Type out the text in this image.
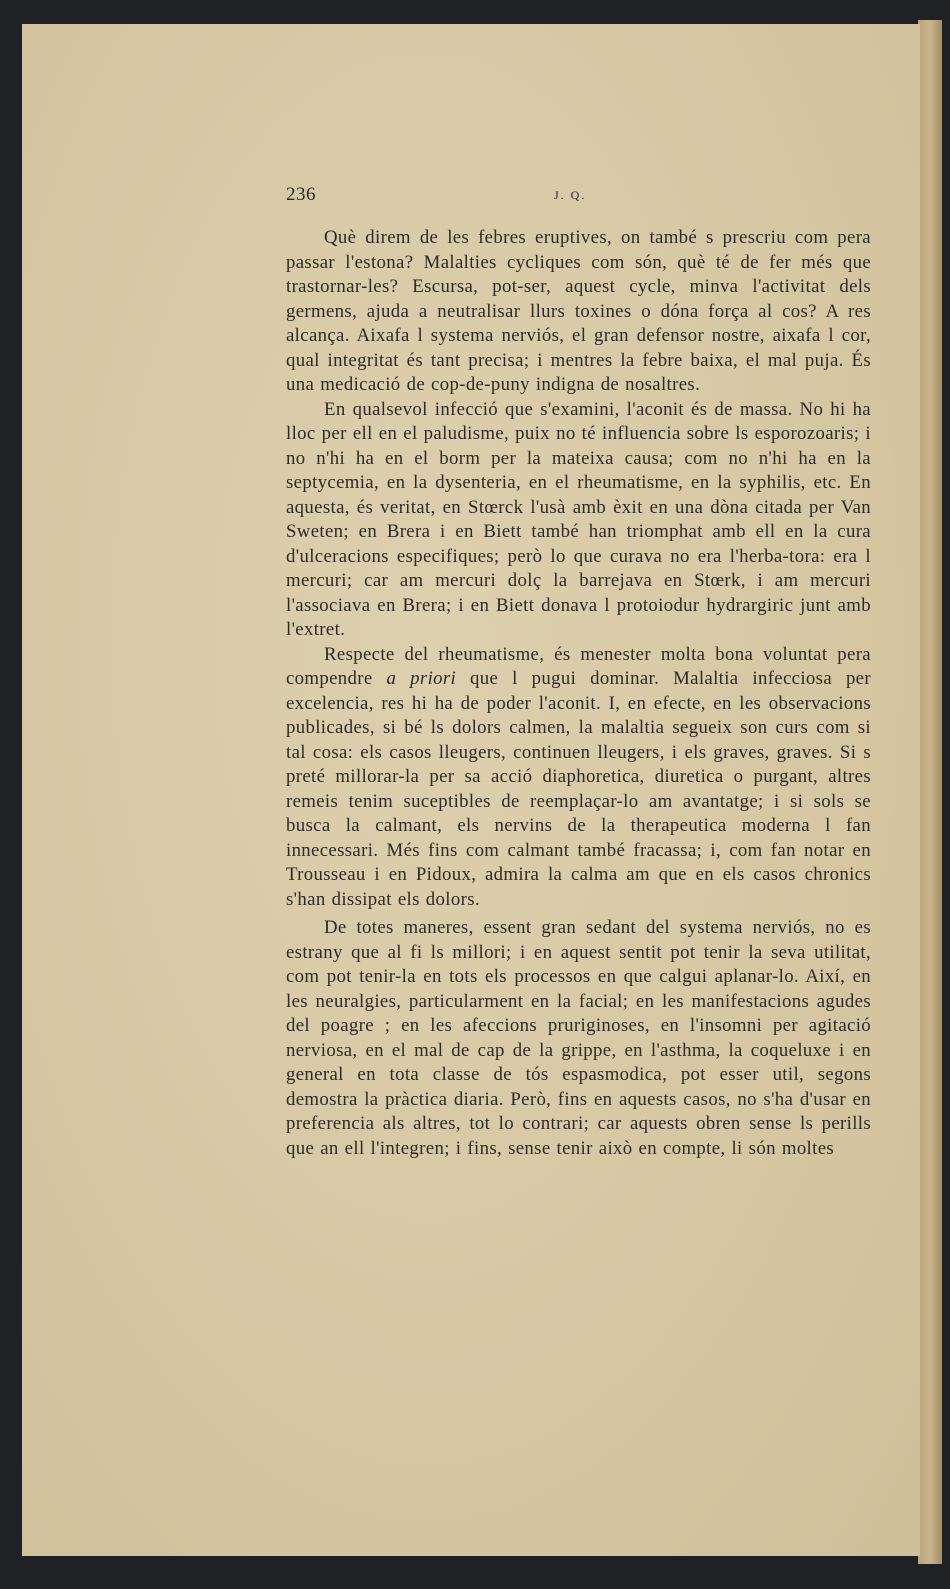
236	J. Q.

Què direm de les febres eruptives, on també s prescriu com pera passar l'estona? Malalties cycliques com són, què té de fer més que trastornar-les? Escursa, pot-ser, aquest cycle, minva l'activitat dels germens, ajuda a neutralisar llurs toxines o dóna força al cos? A res alcança. Aixafa l systema nerviós, el gran defensor nostre, aixafa l cor, qual integritat és tant precisa; i mentres la febre baixa, el mal puja. És una medicació de cop-de-puny indigna de nosaltres.

En qualsevol infecció que s'examini, l'aconit és de massa. No hi ha lloc per ell en el paludisme, puix no té influencia sobre ls esporozoaris; i no n'hi ha en el borm per la mateixa causa; com no n'hi ha en la septycemia, en la dysenteria, en el rheumatisme, en la syphilis, etc. En aquesta, és veritat, en Stœrck l'usà amb èxit en una dòna citada per Van Sweten; en Brera i en Biett també han triomphat amb ell en la cura d'ulceracions especifiques; però lo que curava no era l'herba-tora: era l mercuri; car am mercuri dolç la barrejava en Stœrk, i am mercuri l'associava en Brera; i en Biett donava l protoiodur hydrargiric junt amb l'extret.

Respecte del rheumatisme, és menester molta bona voluntat pera compendre a priori que l pugui dominar. Malaltia infecciosa per excelencia, res hi ha de poder l'aconit. I, en efecte, en les observacions publicades, si bé ls dolors calmen, la malaltia segueix son curs com si tal cosa: els casos lleugers, continuen lleugers, i els graves, graves. Si s preté millorar-la per sa acció diaphoretica, diuretica o purgant, altres remeis tenim suceptibles de reemplaçar-lo am avantatge; i si sols se busca la calmant, els nervins de la therapeutica moderna l fan innecessari. Més fins com calmant també fracassa; i, com fan notar en Trousseau i en Pidoux, admira la calma am que en els casos chronics s'han dissipat els dolors.

De totes maneres, essent gran sedant del systema nerviós, no es estrany que al fi ls millori; i en aquest sentit pot tenir la seva utilitat, com pot tenir-la en tots els processos en que calgui aplanar-lo. Així, en les neuralgies, particularment en la facial; en les manifestacions agudes del poagre ; en les afeccions pruriginoses, en l'insomni per agitació nerviosa, en el mal de cap de la grippe, en l'asthma, la coqueluxe i en general en tota classe de tós espasmodica, pot esser util, segons demostra la pràctica diaria. Però, fins en aquests casos, no s'ha d'usar en preferencia als altres, tot lo contrari; car aquests obren sense ls perills que an ell l'integren; i fins, sense tenir això en compte, li són moltes
